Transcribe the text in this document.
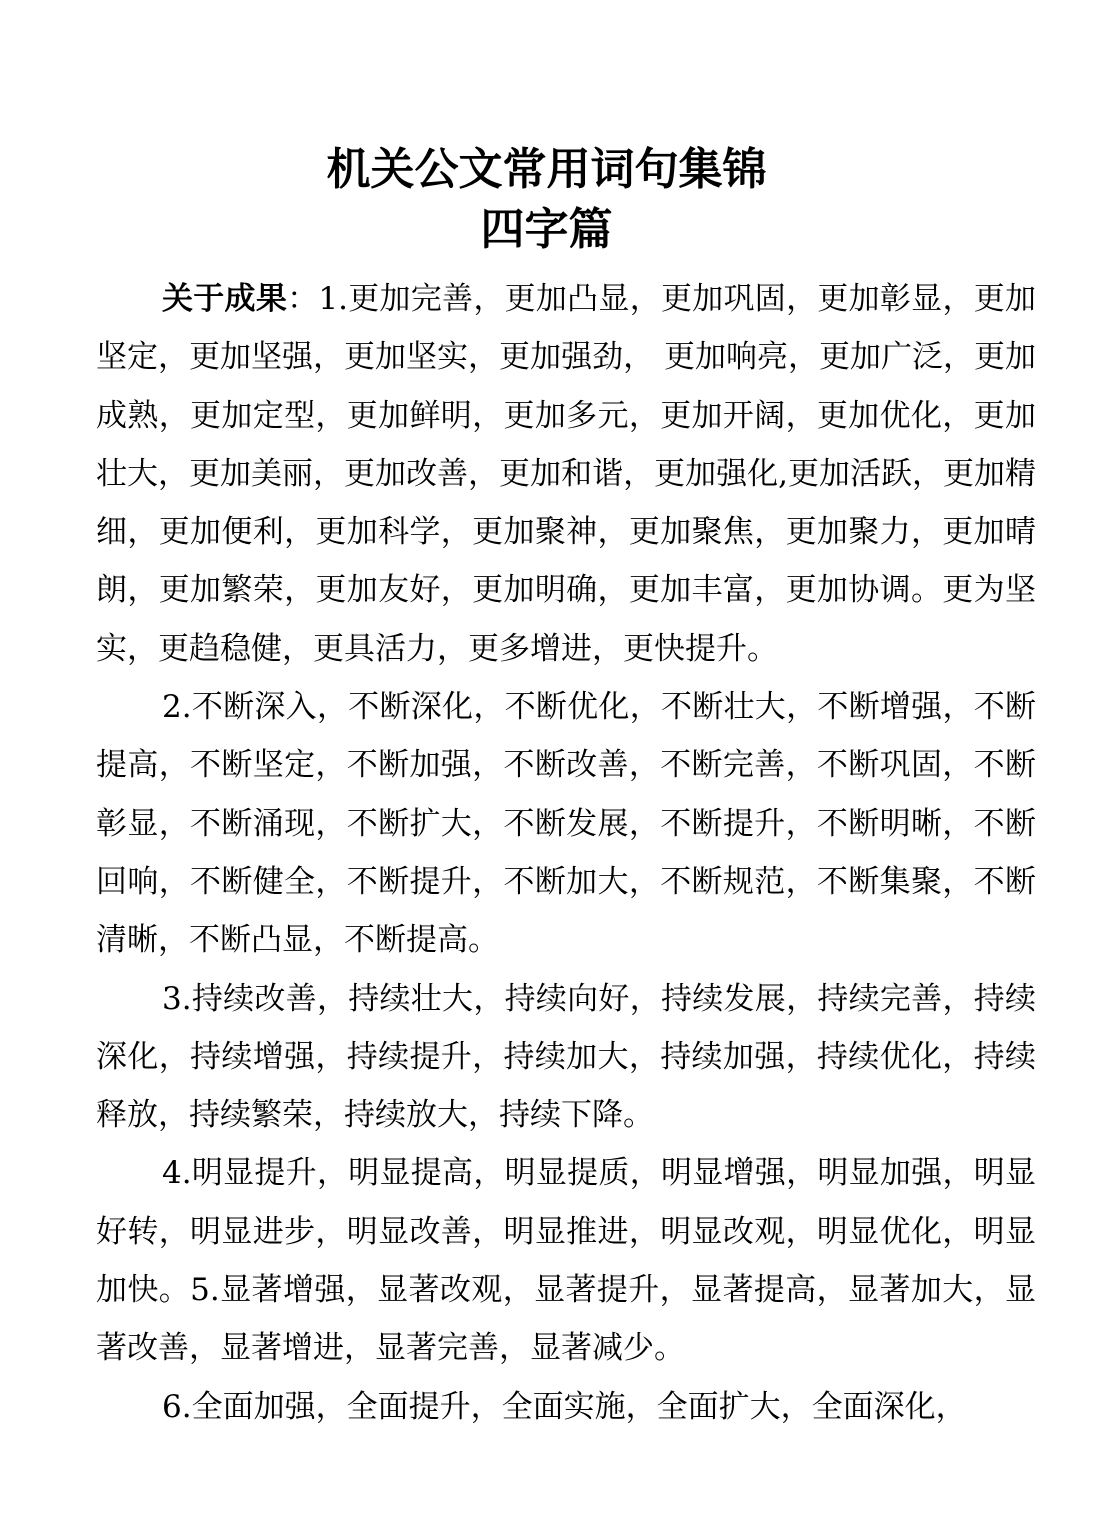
机关公文常用词句集锦
四字篇

关于成果：1.更加完善，更加凸显，更加巩固，更加彰显，更加坚定，更加坚强，更加坚实，更加强劲， 更加响亮，更加广泛，更加成熟，更加定型，更加鲜明，更加多元，更加开阔，更加优化，更加壮大，更加美丽，更加改善，更加和谐，更加强化,更加活跃，更加精细，更加便利，更加科学，更加聚神，更加聚焦，更加聚力，更加晴朗，更加繁荣，更加友好，更加明确，更加丰富，更加协调。更为坚实，更趋稳健，更具活力，更多增进，更快提升。

2.不断深入，不断深化，不断优化，不断壮大，不断增强，不断提高，不断坚定，不断加强，不断改善，不断完善，不断巩固，不断彰显，不断涌现，不断扩大，不断发展，不断提升，不断明晰，不断回响，不断健全，不断提升，不断加大，不断规范，不断集聚，不断清晰，不断凸显，不断提高。

3.持续改善，持续壮大，持续向好，持续发展，持续完善，持续深化，持续增强，持续提升，持续加大，持续加强，持续优化，持续释放，持续繁荣，持续放大，持续下降。

4.明显提升，明显提高，明显提质，明显增强，明显加强，明显好转，明显进步，明显改善，明显推进，明显改观，明显优化，明显加快。5.显著增强，显著改观，显著提升，显著提高，显著加大，显著改善，显著增进，显著完善，显著减少。

6.全面加强，全面提升，全面实施，全面扩大，全面深化，
